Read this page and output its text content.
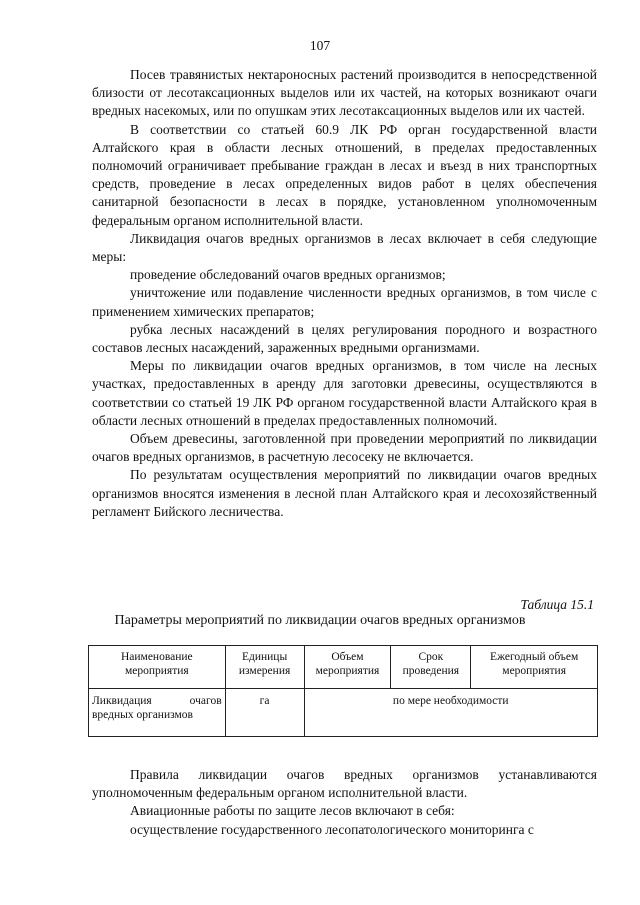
107

Посев травянистых нектароносных растений производится в непосредственной близости от лесотаксационных выделов или их частей, на которых возникают очаги вредных насекомых, или по опушкам этих лесотаксационных выделов или их частей.

В соответствии со статьей 60.9 ЛК РФ орган государственной власти Алтайского края в области лесных отношений, в пределах предоставленных полномочий ограничивает пребывание граждан в лесах и въезд в них транспортных средств, проведение в лесах определенных видов работ в целях обеспечения санитарной безопасности в лесах в порядке, установленном уполномоченным федеральным органом исполнительной власти.

Ликвидация очагов вредных организмов в лесах включает в себя следующие меры:

проведение обследований очагов вредных организмов;

уничтожение или подавление численности вредных организмов, в том числе с применением химических препаратов;

рубка лесных насаждений в целях регулирования породного и возрастного составов лесных насаждений, зараженных вредными организмами.

Меры по ликвидации очагов вредных организмов, в том числе на лесных участках, предоставленных в аренду для заготовки древесины, осуществляются в соответствии со статьей 19 ЛК РФ органом государственной власти Алтайского края в области лесных отношений в пределах предоставленных полномочий.

Объем древесины, заготовленной при проведении мероприятий по ликвидации очагов вредных организмов, в расчетную лесосеку не включается.

По результатам осуществления мероприятий по ликвидации очагов вредных организмов вносятся изменения в лесной план Алтайского края и лесохозяйственный регламент Бийского лесничества.

Таблица 15.1
Параметры мероприятий по ликвидации очагов вредных организмов
Наименование мероприятия	Единицы измерения	Объем мероприятия	Срок проведения	Ежегодный объем мероприятия
Ликвидация очагов вредных организмов	га	по мере необходимости		

Правила ликвидации очагов вредных организмов устанавливаются уполномоченным федеральным органом исполнительной власти.

Авиационные работы по защите лесов включают в себя:

осуществление государственного лесопатологического мониторинга с
